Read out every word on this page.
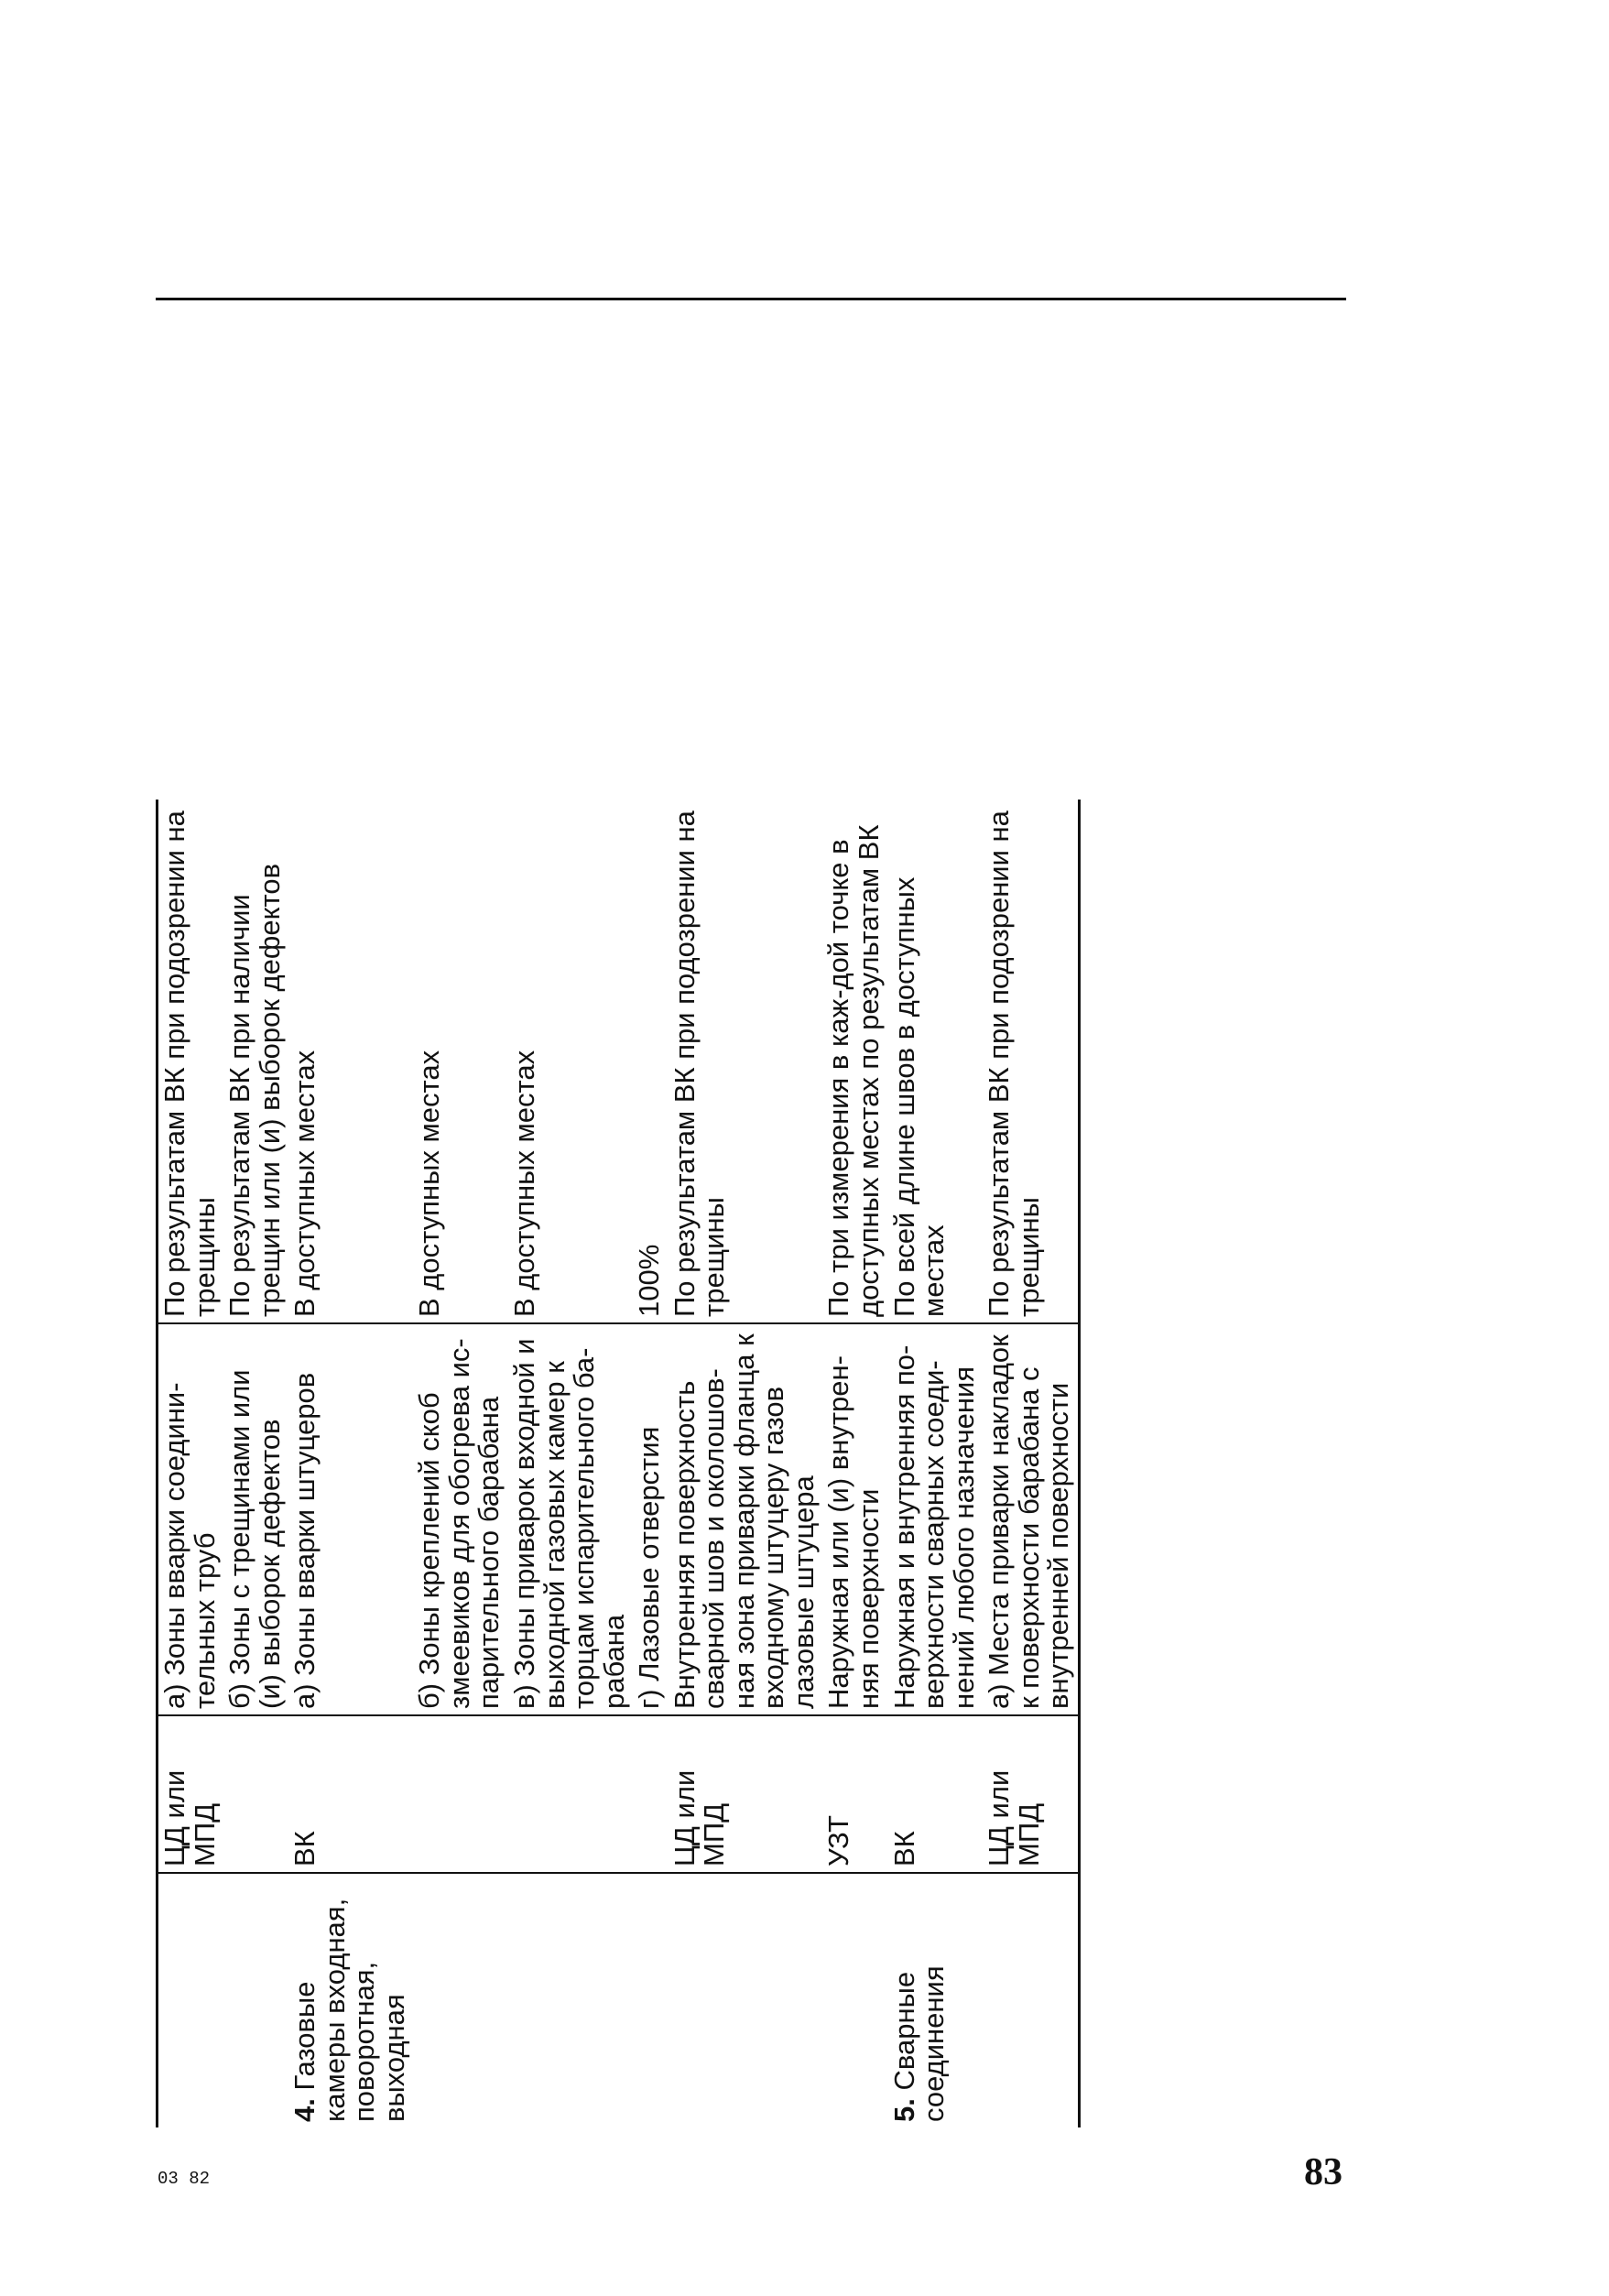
	ЦД или МПД	а) Зоны вварки соедини-тельных труб	По результатам ВК при подозрении на трещины
		б) Зоны с трещинами или (и) выборок дефектов	По результатам ВК при наличии трещин или (и) выборок дефектов
4. Газовые камеры входная, поворотная, выходная	ВК	а) Зоны вварки штуцеров	В доступных местах
		б) Зоны креплений скоб змеевиков для обогрева ис-парительного барабана	В доступных местах
		в) Зоны приварок входной и выходной газовых камер к торцам испарительного ба-рабана	В доступных местах
		г) Лазовые отверстия	100%
	ЦД или МПД	Внутренняя поверхность сварной шов и околошов-ная зона приварки фланца к входному штуцеру газов лазовые штуцера	По результатам ВК при подозрении на трещины
	УЗТ	Наружная или (и) внутрен-няя поверхности	По три измерения в каж-дой точке в доступных местах по результатам ВК
5. Сварные соединения	ВК	Наружная и внутренняя по-верхности сварных соеди-нений любого назначения	По всей длине швов в доступных местах
	ЦД или МПД	а) Места приварки накладок к поверхности барабана с внутренней поверхности	По результатам ВК при подозрении на трещины
03 82	83
